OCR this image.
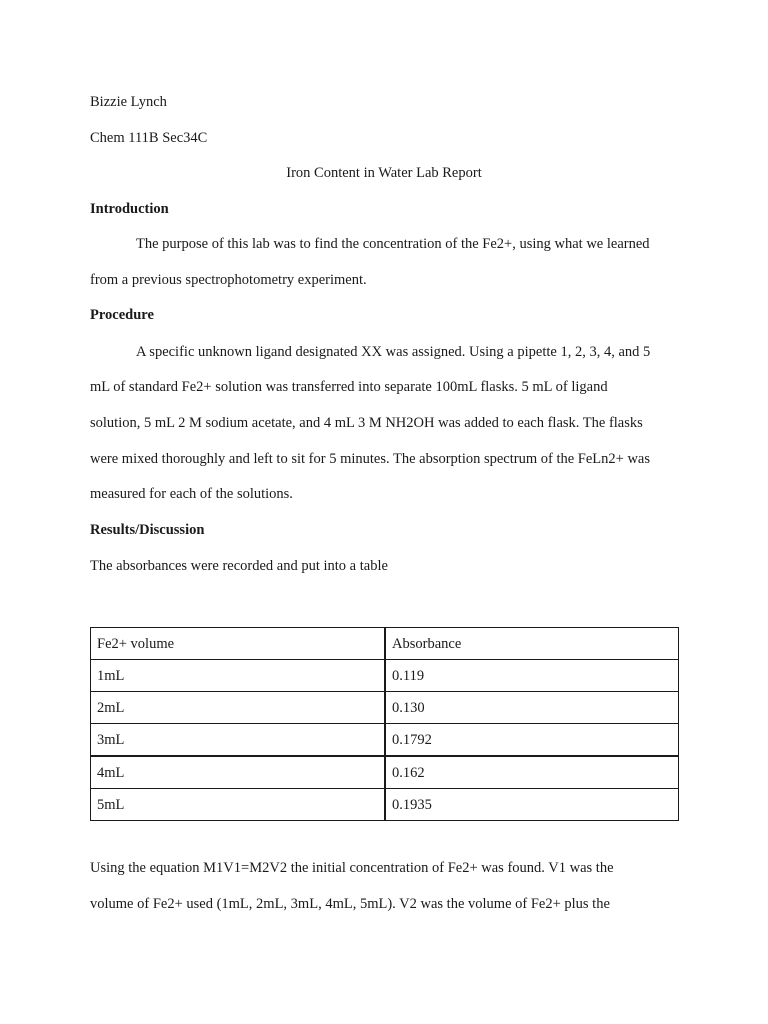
Bizzie Lynch
Chem 111B Sec34C
Iron Content in Water Lab Report
Introduction
The purpose of this lab was to find the concentration of the Fe2+, using what we learned
from a previous spectrophotometry experiment.
Procedure
A specific unknown ligand designated XX was assigned. Using a pipette 1, 2, 3, 4, and 5
mL of standard Fe2+ solution was transferred into separate 100mL flasks. 5 mL of ligand
solution, 5 mL 2 M sodium acetate, and 4 mL 3 M NH2OH was added to each flask. The flasks
were mixed thoroughly and left to sit for 5 minutes. The absorption spectrum of the FeLn2+ was
measured for each of the solutions.
Results/Discussion
The absorbances were recorded and put into a table
Fe2+ volume	Absorbance
1mL	0.119
2mL	0.130
3mL	0.1792
4mL	0.162
5mL	0.1935
Using the equation M1V1=M2V2 the initial concentration of Fe2+ was found. V1 was the
volume of Fe2+ used (1mL, 2mL, 3mL, 4mL, 5mL). V2 was the volume of Fe2+ plus the
